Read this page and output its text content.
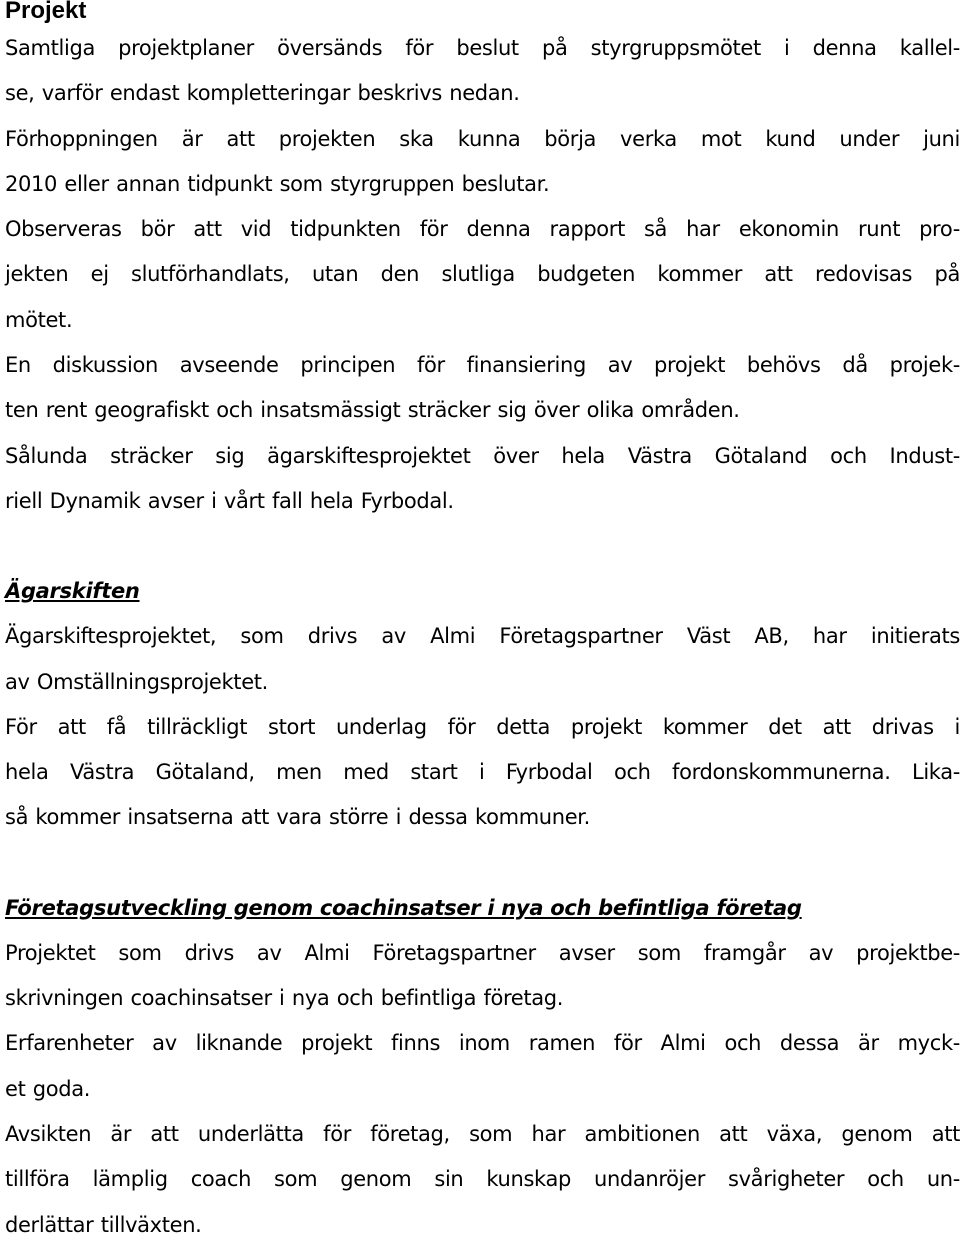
Projekt

Samtliga projektplaner översänds för beslut på styrgruppsmötet i denna kallel-
se, varför endast kompletteringar beskrivs nedan.

Förhoppningen är att projekten ska kunna börja verka mot kund under juni
2010 eller annan tidpunkt som styrgruppen beslutar.

Observeras bör att vid tidpunkten för denna rapport så har ekonomin runt pro-
jekten ej slutförhandlats, utan den slutliga budgeten kommer att redovisas på
mötet.

En diskussion avseende principen för finansiering av projekt behövs då projek-
ten rent geografiskt och insatsmässigt sträcker sig över olika områden.

Sålunda sträcker sig ägarskiftesprojektet över hela Västra Götaland och Indust-
riell Dynamik avser i vårt fall hela Fyrbodal.

Ägarskiften

Ägarskiftesprojektet, som drivs av Almi Företagspartner Väst AB, har initierats
av Omställningsprojektet.

För att få tillräckligt stort underlag för detta projekt kommer det att drivas i
hela Västra Götaland, men med start i Fyrbodal och fordonskommunerna. Lika-
så kommer insatserna att vara större i dessa kommuner.

Företagsutveckling genom coachinsatser i nya och befintliga företag

Projektet som drivs av Almi Företagspartner avser som framgår av projektbe-
skrivningen coachinsatser i nya och befintliga företag.

Erfarenheter av liknande projekt finns inom ramen för Almi och dessa är myck-
et goda.

Avsikten är att underlätta för företag, som har ambitionen att växa, genom att
tillföra lämplig coach som genom sin kunskap undanröjer svårigheter och un-
derlättar tillväxten.
